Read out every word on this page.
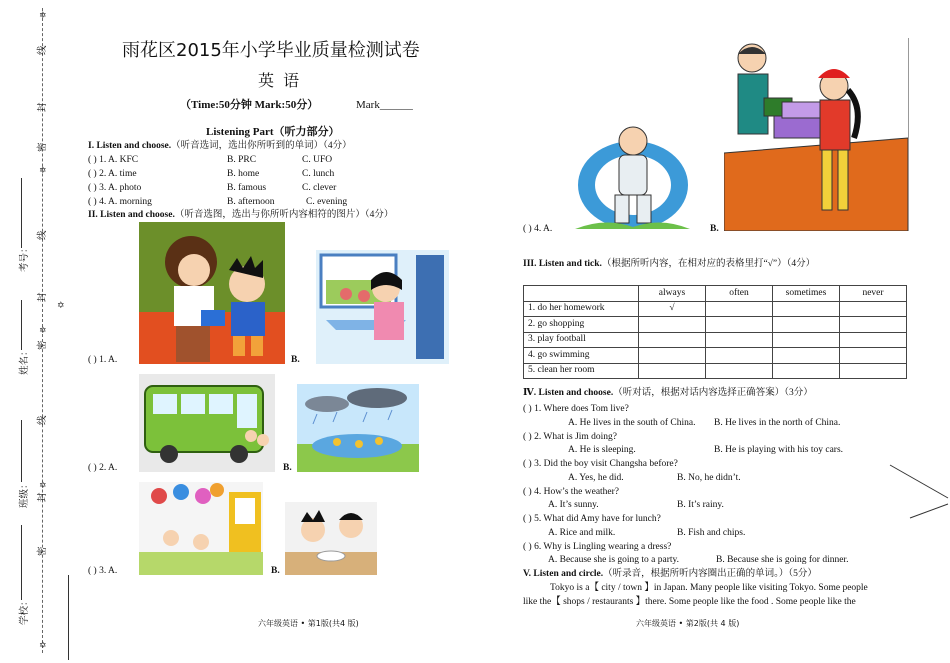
✡
✡
✡
✡
✡
✡
线
封
密
线
封
密
线
封
密
考号：
姓名：
班级：
学校：
雨花区2015年小学毕业质量检测试卷
英 语
（Time:50分钟 Mark:50分）	Mark______
Listening Part（听力部分）
I. Listen and choose.（听音选词，选出你所听到的单词）（4分）
( ) 1. A. KFC	B. PRC	C. UFO
( ) 2. A. time	B. home	C. lunch
( ) 3. A. photo	B. famous	C. clever
( ) 4. A. morning	B. afternoon	C. evening
II. Listen and choose.（听音选图，选出与你所听内容相符的图片）（4分）
( ) 1. A.	B.
( ) 2. A.	B.
( ) 3. A.	B.
六年级英语 • 第1版(共4 版)
( ) 4. A.	B.
III. Listen and tick.（根据所听内容，在相对应的表格里打“√”）（4分）
	always	often	sometimes	never
1. do her homework	√			
2. go shopping				
3. play football				
4. go swimming				
5. clean her room				
Ⅳ. Listen and choose.（听对话，根据对话内容选择正确答案）（3分）
( ) 1. Where does Tom live?
A. He lives in the south of China. B. He lives in the north of China.
( ) 2. What is Jim doing?
A. He is sleeping.	B. He is playing with his toy cars.
( ) 3. Did the boy visit Changsha before?
A. Yes, he did.	B. No, he didn’t.
( ) 4. How’s the weather?
A. It’s sunny.	B. It’s rainy.
( ) 5. What did Amy have for lunch?
A. Rice and milk.	B. Fish and chips.
( ) 6. Why is Lingling wearing a dress?
A. Because she is going to a party.	B. Because she is going for dinner.
V. Listen and circle.（听录音，根据所听内容圈出正确的单词。）（5分）
Tokyo is a【 city / town 】in Japan. Many people like visiting Tokyo. Some people
like the【 shops / restaurants 】there. Some people like the food . Some people like the
六年级英语 • 第2版(共 4 版)
